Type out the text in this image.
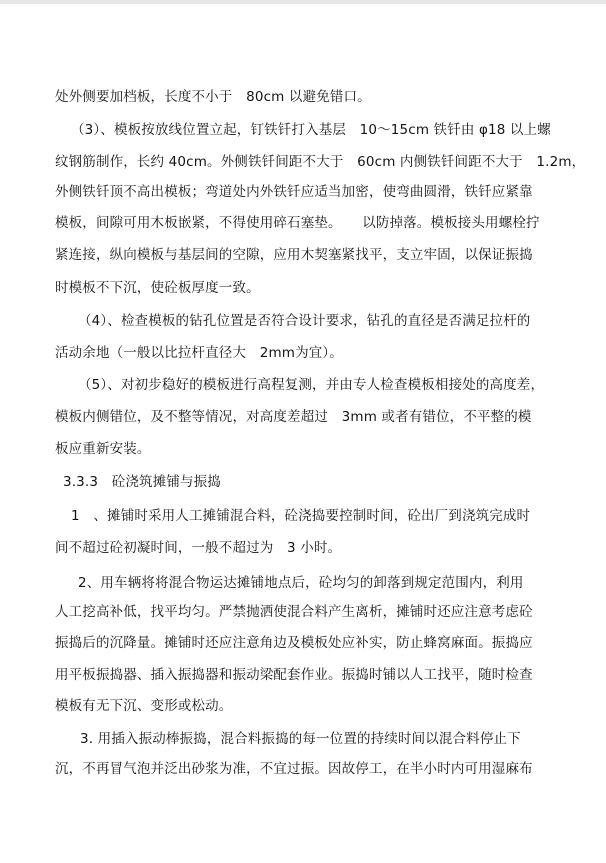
处外侧要加档板，长度不小于　80cm 以避免错口。
（3）、模板按放线位置立起，钉铁钎打入基层　10～15cm 铁钎由 φ18 以上螺
纹钢筋制作，长约 40cm。外侧铁钎间距不大于　60cm 内侧铁钎间距不大于　1.2m，
外侧铁钎顶不高出模板；弯道处内外铁钎应适当加密，使弯曲圆滑，铁钎应紧靠
模板，间隙可用木板嵌紧，不得使用碎石塞垫。　　以防掉落。模板接头用螺栓拧
紧连接，纵向模板与基层间的空隙，应用木契塞紧找平，支立牢固，以保证振捣
时模板不下沉，使砼板厚度一致。
（4）、检查模板的钻孔位置是否符合设计要求，钻孔的直径是否满足拉杆的
活动余地（一般以比拉杆直径大　2mm为宜）。
（5）、对初步稳好的模板进行高程复测，并由专人检查模板相接处的高度差，
模板内侧错位，及不整等情况，对高度差超过　3mm 或者有错位，不平整的模
板应重新安装。
3.3.3　砼浇筑摊铺与振捣
1　、摊铺时采用人工摊铺混合料，砼浇捣要控制时间，砼出厂到浇筑完成时
间不超过砼初凝时间，一般不超过为　3 小时。
2、用车辆将将混合物运达摊铺地点后，砼均匀的卸落到规定范围内，利用
人工挖高补低，找平均匀。严禁抛洒使混合料产生离析，摊铺时还应注意考虑砼
振捣后的沉降量。摊铺时还应注意角边及模板处应补实，防止蜂窝麻面。振捣应
用平板振捣器、插入振捣器和振动梁配套作业。振捣时铺以人工找平，随时检查
模板有无下沉、变形或松动。
3. 用插入振动棒振捣，混合料振捣的每一位置的持续时间以混合料停止下
沉，不再冒气泡并泛出砂浆为准，不宜过振。因故停工，在半小时内可用湿麻布
